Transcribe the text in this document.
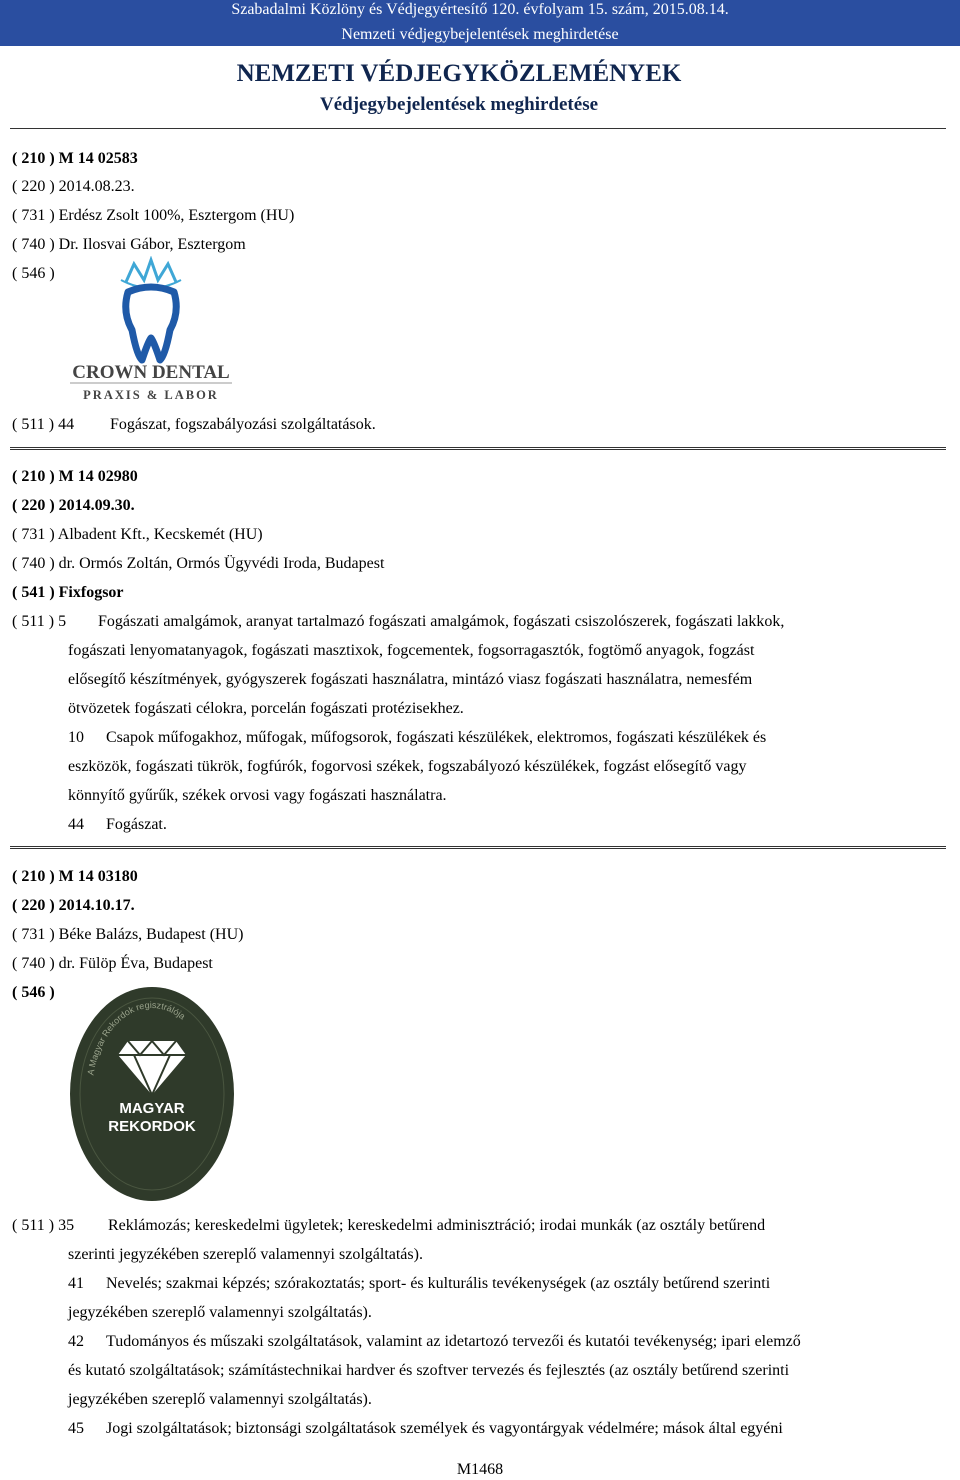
Szabadalmi Közlöny és Védjegyértesítő 120. évfolyam 15. szám, 2015.08.14.
Nemzeti védjegybejelentések meghirdetése
NEMZETI VÉDJEGYKÖZLEMÉNYEK
Védjegybejelentések meghirdetése
( 210 ) M 14 02583
( 220 ) 2014.08.23.
( 731 ) Erdész Zsolt 100%, Esztergom (HU)
( 740 ) Dr. Ilosvai Gábor, Esztergom
( 546 )
CROWN DENTAL
PRAXIS & LABOR
( 511 ) 44 Fogászat, fogszabályozási szolgáltatások.
( 210 ) M 14 02980
( 220 ) 2014.09.30.
( 731 ) Albadent Kft., Kecskemét (HU)
( 740 ) dr. Ormós Zoltán, Ormós Ügyvédi Iroda, Budapest
( 541 ) Fixfogsor
( 511 ) 5 Fogászati amalgámok, aranyat tartalmazó fogászati amalgámok, fogászati csiszolószerek, fogászati lakkok,
fogászati lenyomatanyagok, fogászati masztixok, fogcementek, fogsorragasztók, fogtömő anyagok, fogzást
elősegítő készítmények, gyógyszerek fogászati használatra, mintázó viasz fogászati használatra, nemesfém
ötvözetek fogászati célokra, porcelán fogászati protézisekhez.
10 Csapok műfogakhoz, műfogak, műfogsorok, fogászati készülékek, elektromos, fogászati készülékek és
eszközök, fogászati tükrök, fogfúrók, fogorvosi székek, fogszabályozó készülékek, fogzást elősegítő vagy
könnyítő gyűrűk, székek orvosi vagy fogászati használatra.
44 Fogászat.
( 210 ) M 14 03180
( 220 ) 2014.10.17.
( 731 ) Béke Balázs, Budapest (HU)
( 740 ) dr. Fülöp Éva, Budapest
( 546 )
A Magyar Rekordok regisztrálója
MAGYAR
REKORDOK
( 511 ) 35 Reklámozás; kereskedelmi ügyletek; kereskedelmi adminisztráció; irodai munkák (az osztály betűrend
szerinti jegyzékében szereplő valamennyi szolgáltatás).
41 Nevelés; szakmai képzés; szórakoztatás; sport- és kulturális tevékenységek (az osztály betűrend szerinti
jegyzékében szereplő valamennyi szolgáltatás).
42 Tudományos és műszaki szolgáltatások, valamint az idetartozó tervezői és kutatói tevékenység; ipari elemző
és kutató szolgáltatások; számítástechnikai hardver és szoftver tervezés és fejlesztés (az osztály betűrend szerinti
jegyzékében szereplő valamennyi szolgáltatás).
45 Jogi szolgáltatások; biztonsági szolgáltatások személyek és vagyontárgyak védelmére; mások által egyéni
M1468
